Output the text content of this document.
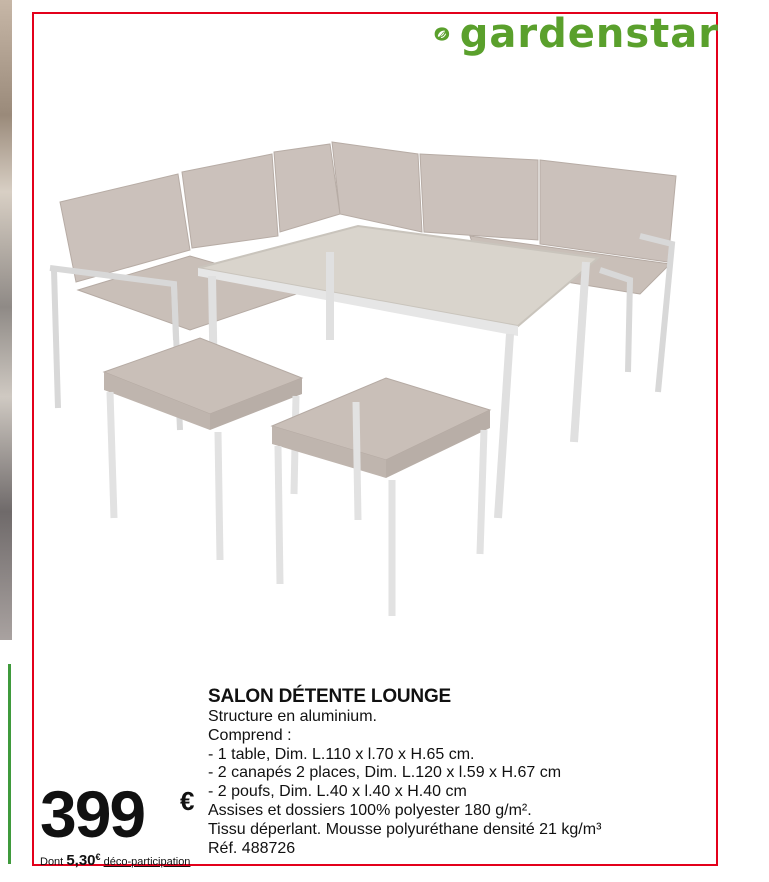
gardenstar
SALON DÉTENTE LOUNGE
Structure en aluminium.
Comprend :
- 1 table, Dim. L.110 x l.70 x H.65 cm.
- 2 canapés 2 places, Dim. L.120 x l.59 x H.67 cm
- 2 poufs, Dim. L.40 x l.40 x H.40 cm
Assises et dossiers 100% polyester 180 g/m².
Tissu déperlant. Mousse polyuréthane densité 21 kg/m³
Réf. 488726
399 €
Dont 5,30€ déco-participation
